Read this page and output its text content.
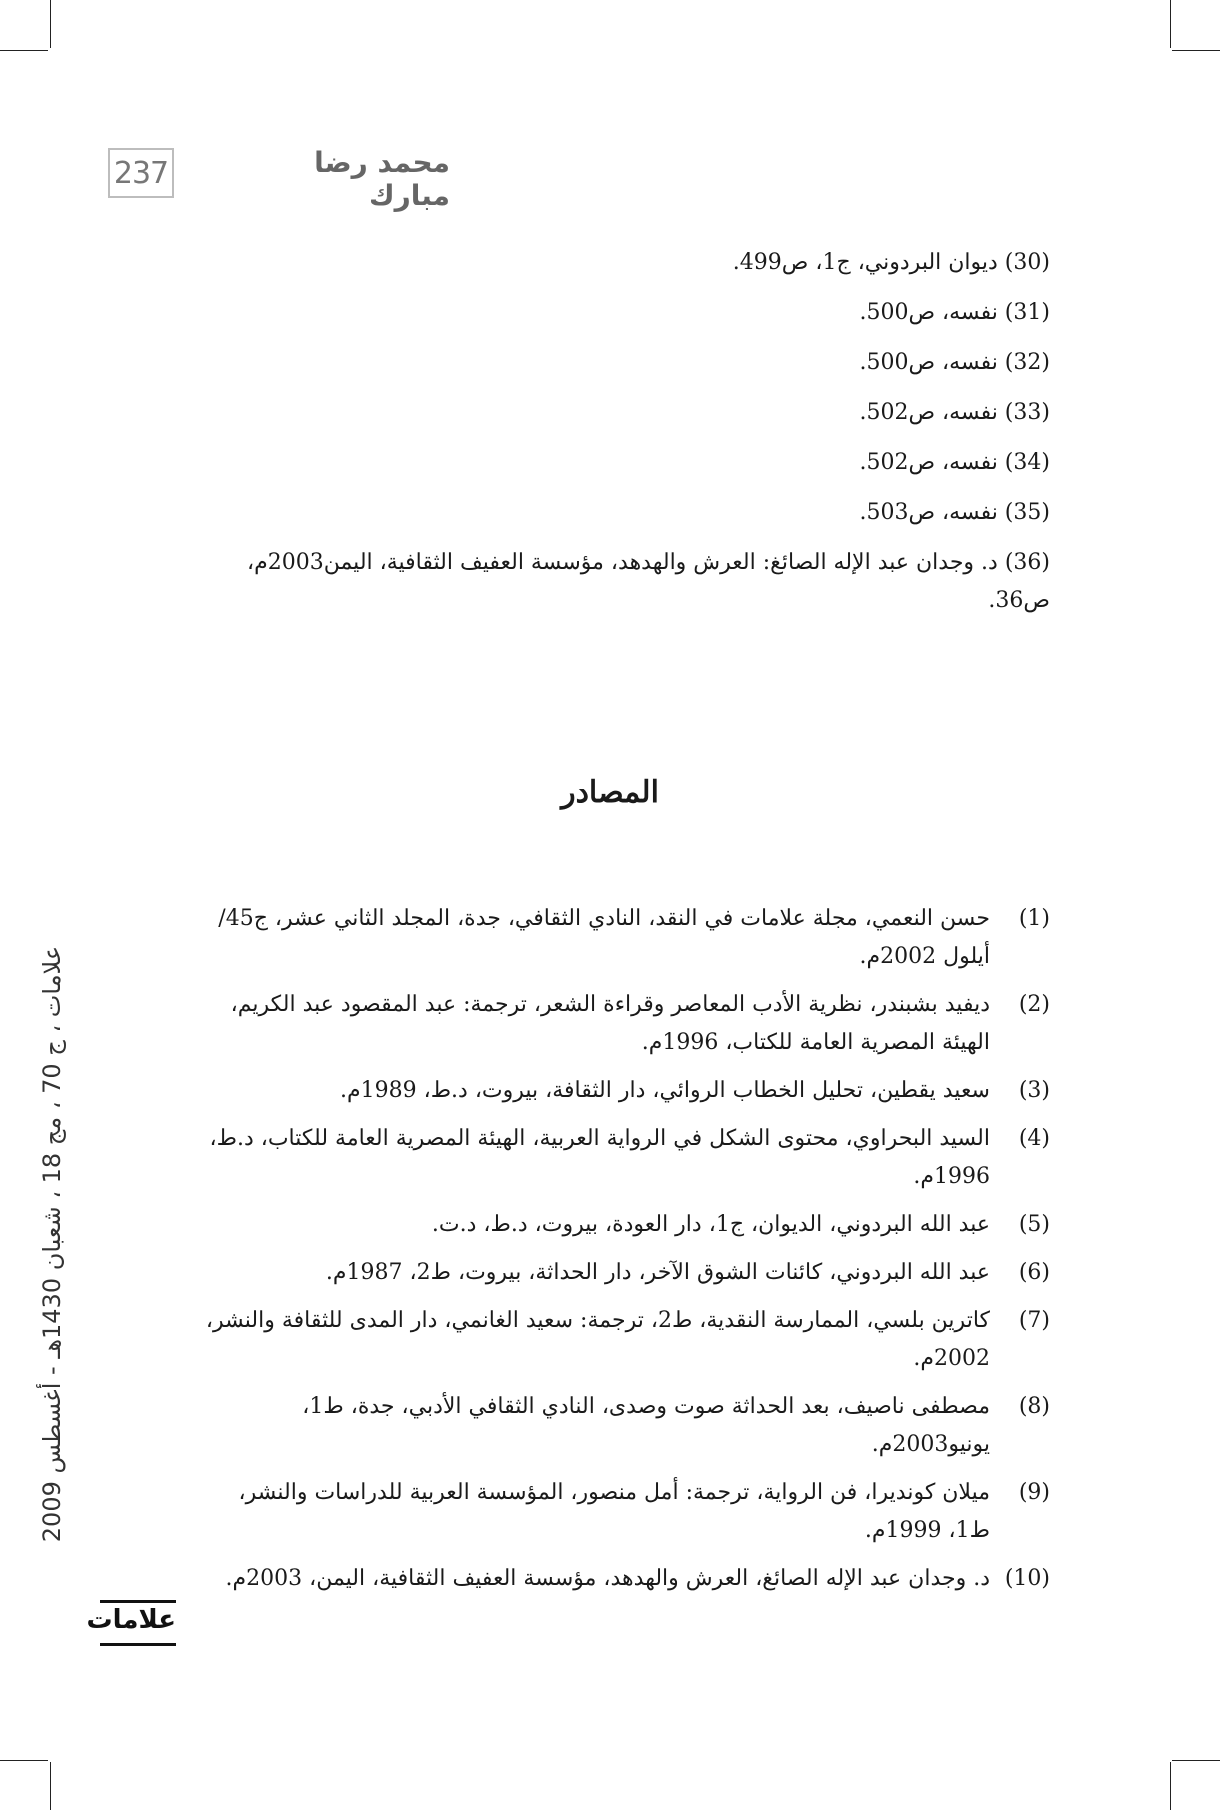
237	محمد رضا مبارك
(30) ديوان البردوني، ج1، ص499.
(31) نفسه، ص500.
(32) نفسه، ص500.
(33) نفسه، ص502.
(34) نفسه، ص502.
(35) نفسه، ص503.
(36) د. وجدان عبد الإله الصائغ: العرش والهدهد، مؤسسة العفيف الثقافية، اليمن2003م، ص36.
المصادر
(1)
حسن النعمي، مجلة علامات في النقد، النادي الثقافي، جدة، المجلد الثاني عشر، ج45/أيلول 2002م.
(2)
ديفيد بشبندر، نظرية الأدب المعاصر وقراءة الشعر، ترجمة: عبد المقصود عبد الكريم، الهيئة المصرية العامة للكتاب، 1996م.
(3)
سعيد يقطين، تحليل الخطاب الروائي، دار الثقافة، بيروت، د.ط، 1989م.
(4)
السيد البحراوي، محتوى الشكل في الرواية العربية، الهيئة المصرية العامة للكتاب، د.ط، 1996م.
(5)
عبد الله البردوني، الديوان، ج1، دار العودة، بيروت، د.ط، د.ت.
(6)
عبد الله البردوني، كائنات الشوق الآخر، دار الحداثة، بيروت، ط2، 1987م.
(7)
كاترين بلسي، الممارسة النقدية، ط2، ترجمة: سعيد الغانمي، دار المدى للثقافة والنشر، 2002م.
(8)
مصطفى ناصيف، بعد الحداثة صوت وصدى، النادي الثقافي الأدبي، جدة، ط1، يونيو2003م.
(9)
ميلان كونديرا، فن الرواية، ترجمة: أمل منصور، المؤسسة العربية للدراسات والنشر، ط1، 1999م.
(10)
د. وجدان عبد الإله الصائغ، العرش والهدهد، مؤسسة العفيف الثقافية، اليمن، 2003م.
علامات ، ج 70 ، مج 18 ، شعبان 1430هـ - أغسطس 2009
علامات
